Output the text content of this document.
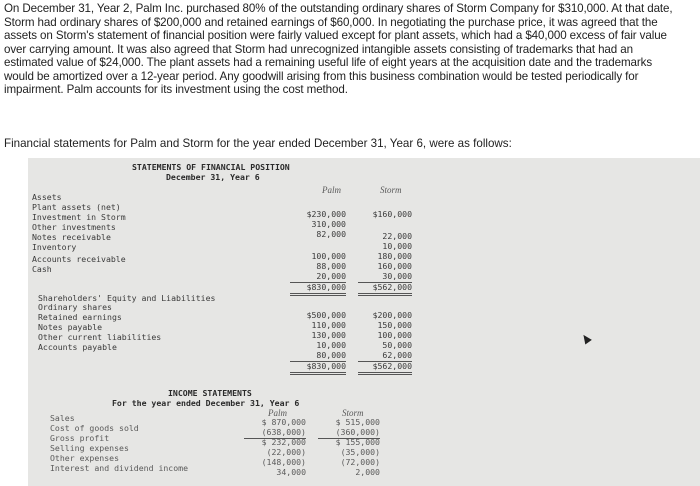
On December 31, Year 2, Palm Inc. purchased 80% of the outstanding ordinary shares of Storm Company for $310,000. At that date,
Storm had ordinary shares of $200,000 and retained earnings of $60,000. In negotiating the purchase price, it was agreed that the
assets on Storm's statement of financial position were fairly valued except for plant assets, which had a $40,000 excess of fair value
over carrying amount. It was also agreed that Storm had unrecognized intangible assets consisting of trademarks that had an
estimated value of $24,000. The plant assets had a remaining useful life of eight years at the acquisition date and the trademarks
would be amortized over a 12-year period. Any goodwill arising from this business combination would be tested periodically for
impairment. Palm accounts for its investment using the cost method.
Financial statements for Palm and Storm for the year ended December 31, Year 6, were as follows:
STATEMENTS OF FINANCIAL POSITION
December 31, Year 6
Palm	Storm
Assets
Plant assets (net)
Investment in Storm
Other investments
Notes receivable
Inventory
Accounts receivable
Cash
$230,000
310,000
82,000
100,000
88,000
20,000
$830,000
$160,000
22,000
10,000
180,000
160,000
30,000
$562,000
Shareholders' Equity and Liabilities
Ordinary shares
Retained earnings
Notes payable
Other current liabilities
Accounts payable
$500,000
110,000
130,000
10,000
80,000
$830,000
$200,000
150,000
100,000
50,000
62,000
$562,000
INCOME STATEMENTS
For the year ended December 31, Year 6
Palm	Storm
Sales
Cost of goods sold
Gross profit
Selling expenses
Other expenses
Interest and dividend income
$ 870,000
(638,000)
$ 232,000
(22,000)
(148,000)
34,000
$ 515,000
(360,000)
$ 155,000
(35,000)
(72,000)
2,000
